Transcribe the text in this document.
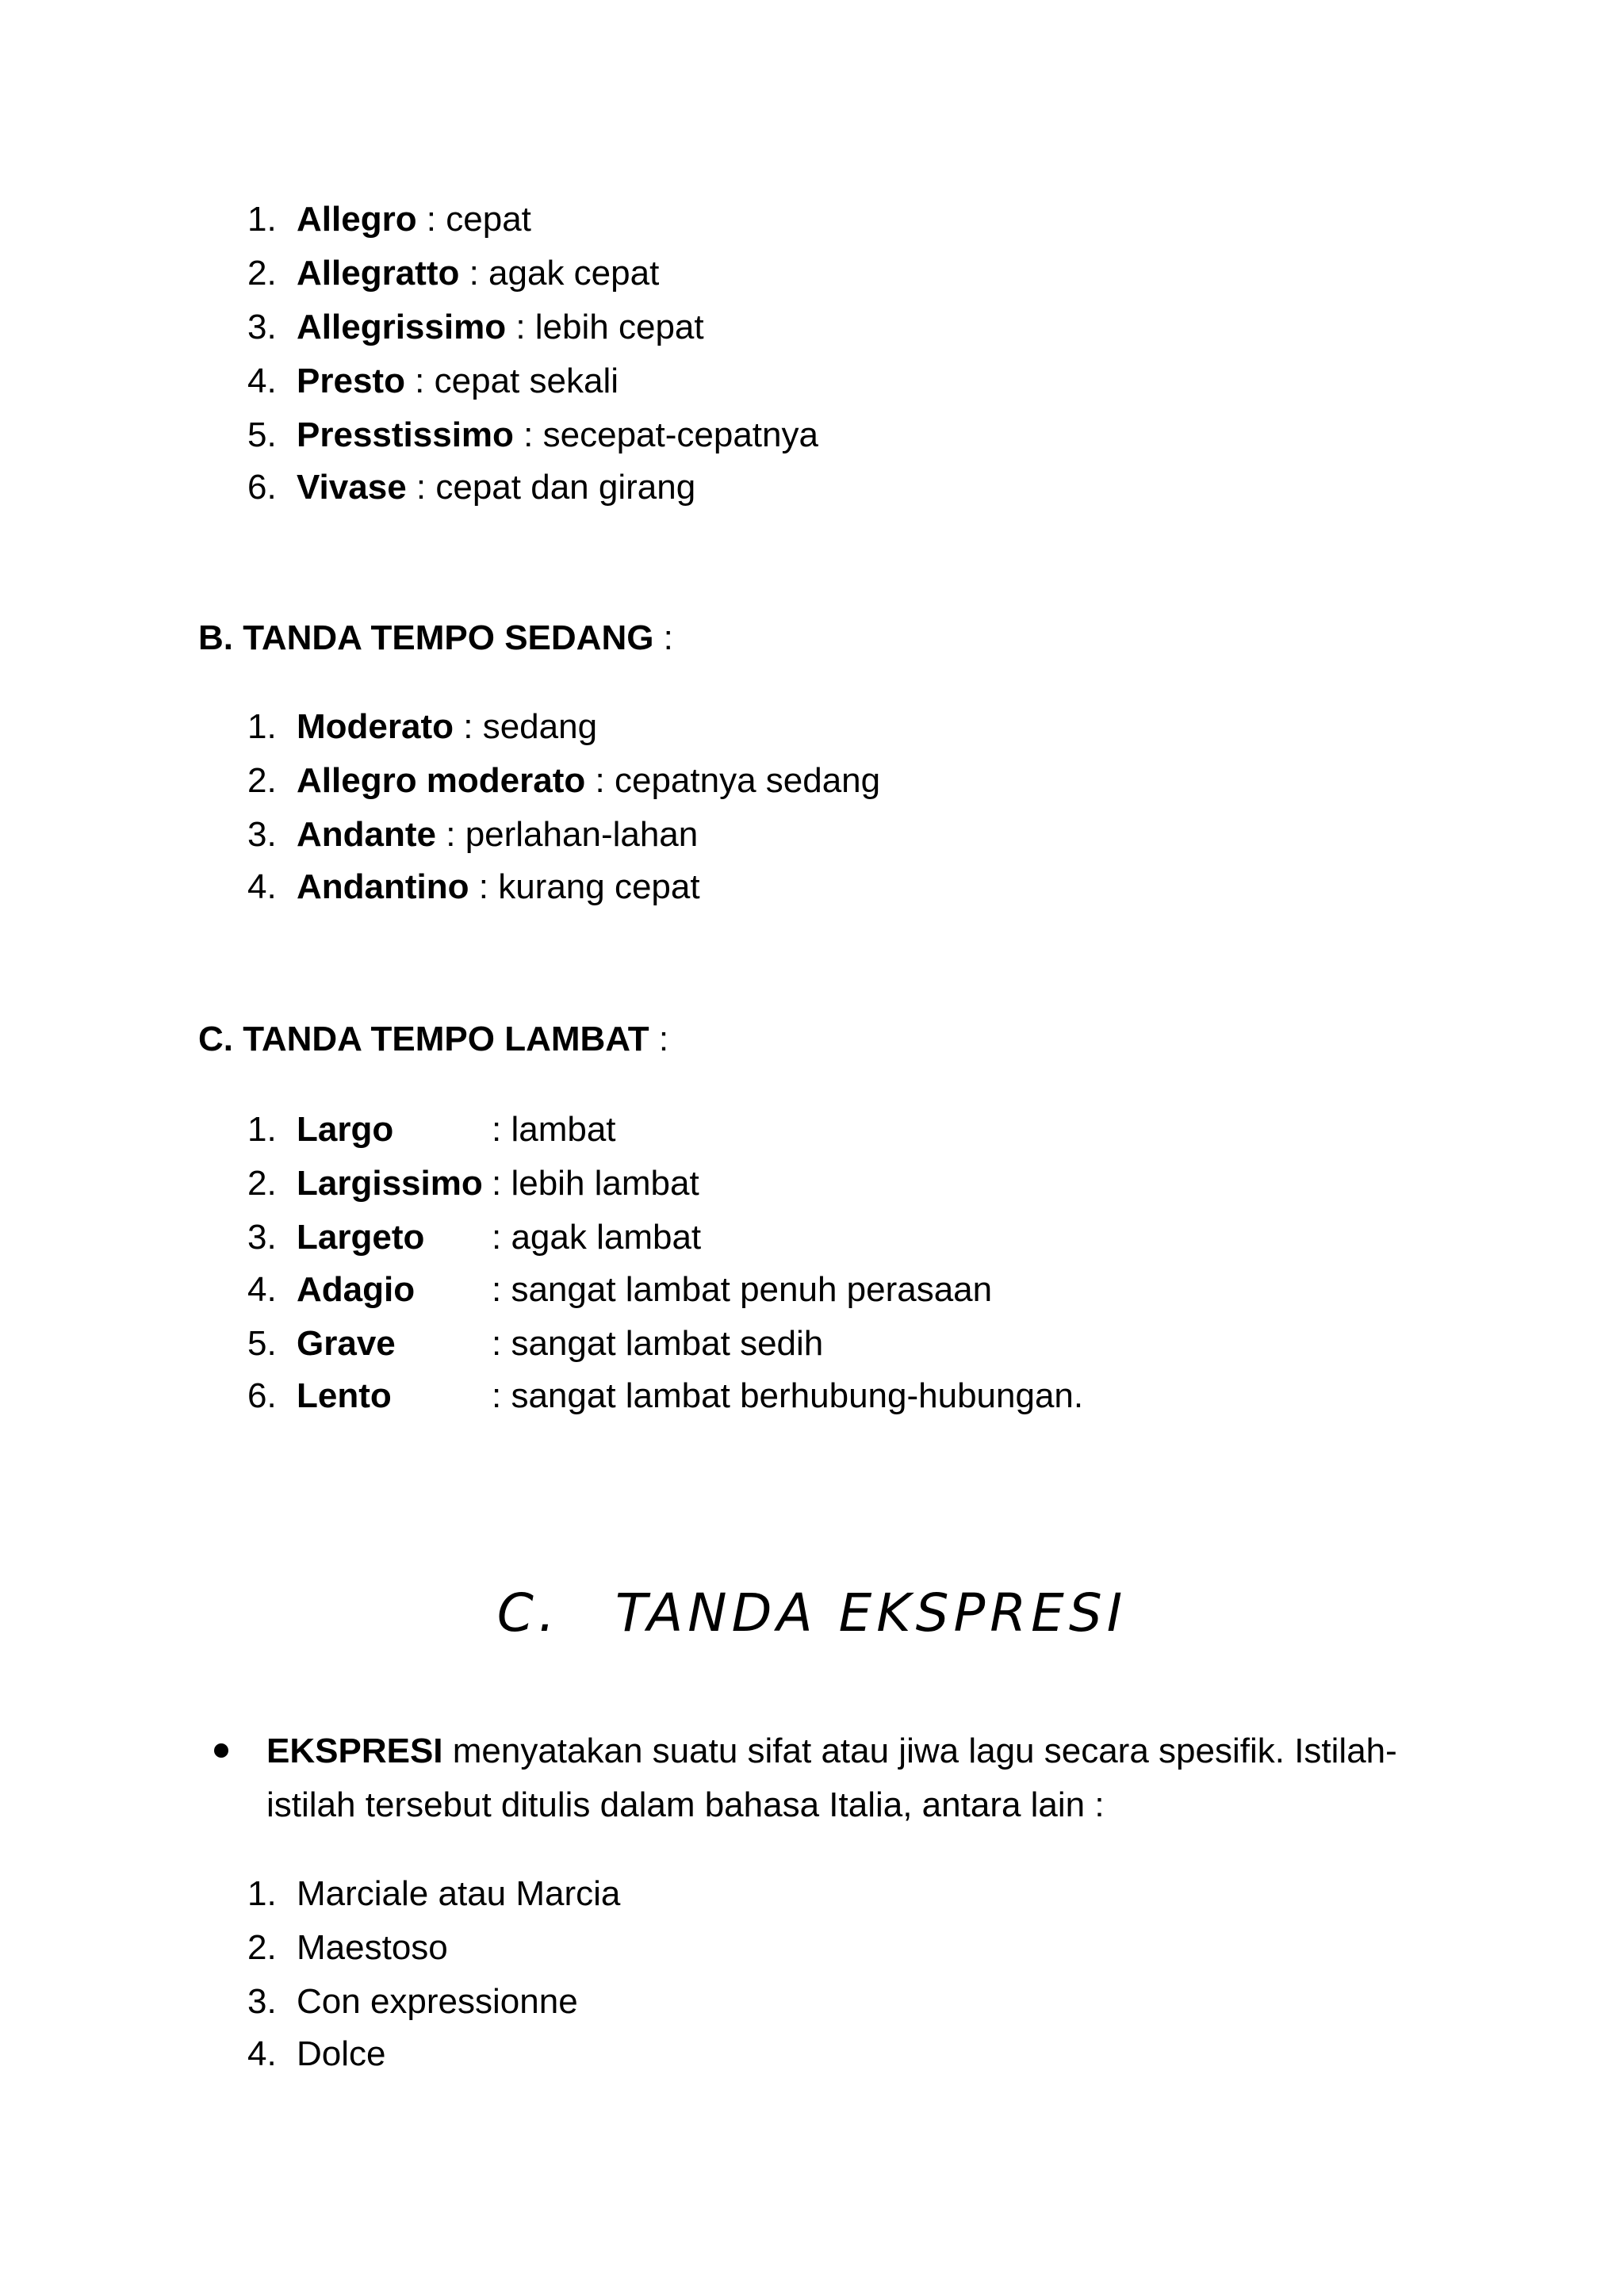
1. Allegro : cepat
2. Allegratto : agak cepat
3. Allegrissimo : lebih cepat
4. Presto : cepat sekali
5. Presstissimo : secepat-cepatnya
6. Vivase : cepat dan girang
B. TANDA TEMPO SEDANG :
1. Moderato : sedang
2. Allegro moderato : cepatnya sedang
3. Andante : perlahan-lahan
4. Andantino : kurang cepat
C. TANDA TEMPO LAMBAT :
1. Largo	: lambat
2. Largissimo : lebih lambat
3. Largeto : agak lambat
4. Adagio : sangat lambat penuh perasaan
5. Grave	: sangat lambat sedih
6. Lento	: sangat lambat berhubung-hubungan.
C. TANDA EKSPRESI
EKSPRESI menyatakan suatu sifat atau jiwa lagu secara spesifik. Istilah-istilah tersebut ditulis dalam bahasa Italia, antara lain :
1. Marciale atau Marcia
2. Maestoso
3. Con expressionne
4. Dolce
